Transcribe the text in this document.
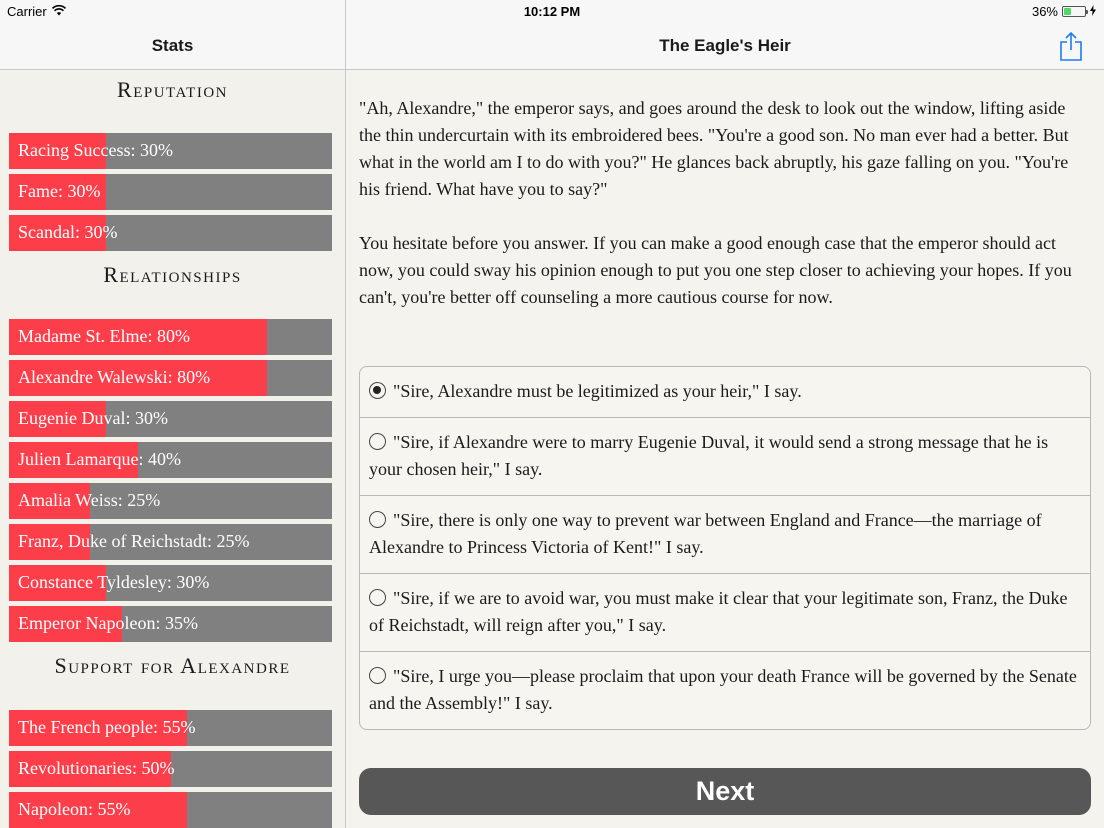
Carrier	10:12 PM	36%
Stats	The Eagle's Heir
Reputation
Racing Success: 30%
Fame: 30%
Scandal: 30%
Relationships
Madame St. Elme: 80%
Alexandre Walewski: 80%
Eugenie Duval: 30%
Julien Lamarque: 40%
Amalia Weiss: 25%
Franz, Duke of Reichstadt: 25%
Constance Tyldesley: 30%
Emperor Napoleon: 35%
Support for Alexandre
The French people: 55%
Revolutionaries: 50%
Napoleon: 55%

"Ah, Alexandre," the emperor says, and goes around the desk to look out the window, lifting aside the thin undercurtain with its embroidered bees. "You're a good son. No man ever had a better. But what in the world am I to do with you?" He glances back abruptly, his gaze falling on you. "You're his friend. What have you to say?"

You hesitate before you answer. If you can make a good enough case that the emperor should act now, you could sway his opinion enough to put you one step closer to achieving your hopes. If you can't, you're better off counseling a more cautious course for now.

"Sire, Alexandre must be legitimized as your heir," I say.
"Sire, if Alexandre were to marry Eugenie Duval, it would send a strong message that he is your chosen heir," I say.
"Sire, there is only one way to prevent war between England and France—the marriage of Alexandre to Princess Victoria of Kent!" I say.
"Sire, if we are to avoid war, you must make it clear that your legitimate son, Franz, the Duke of Reichstadt, will reign after you," I say.
"Sire, I urge you—please proclaim that upon your death France will be governed by the Senate and the Assembly!" I say.
Next
